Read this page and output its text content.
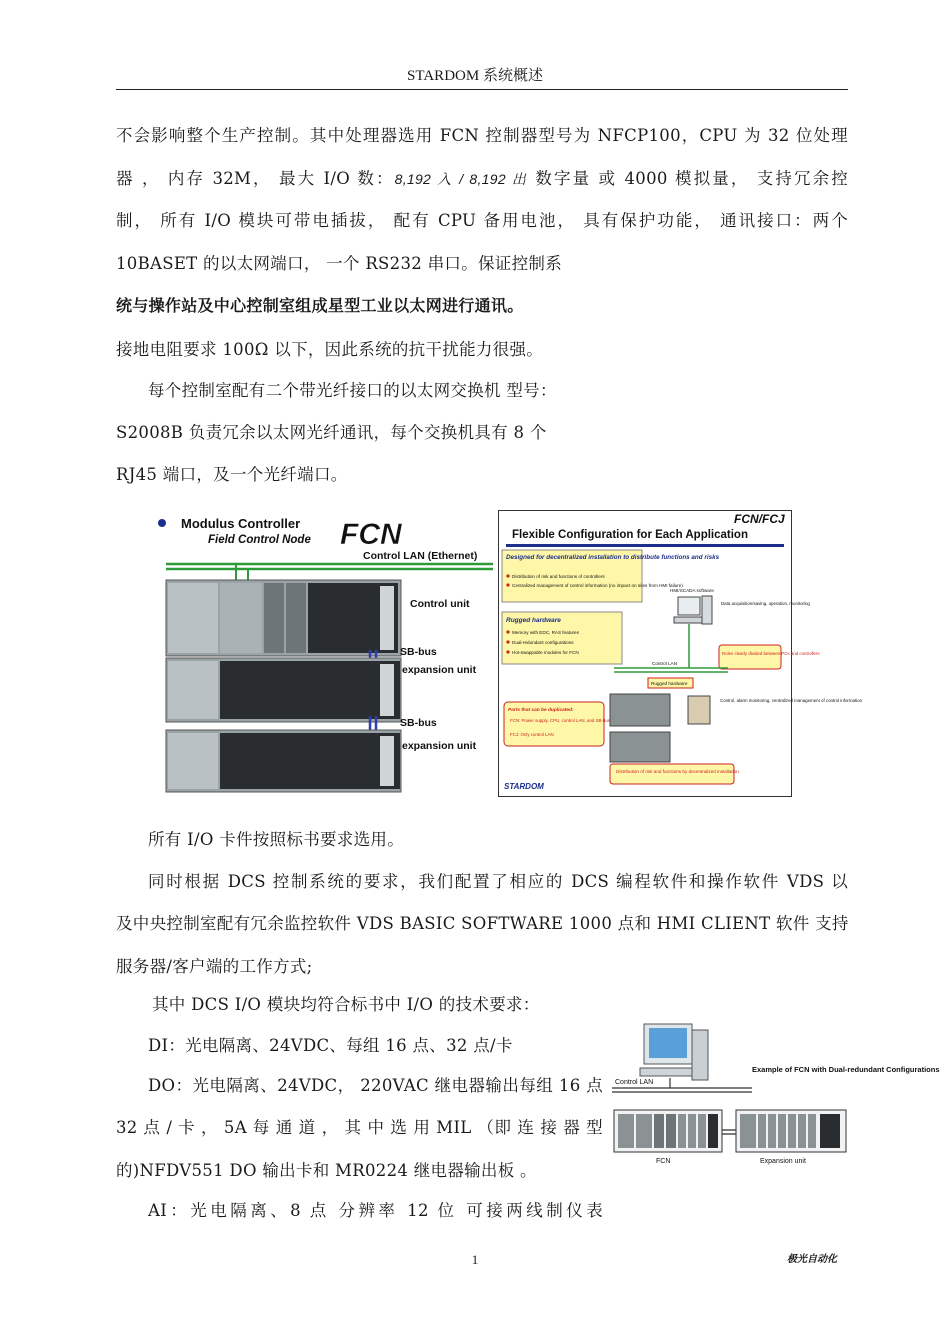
STARDOM 系统概述
不会影响整个生产控制。其中处理器选用 FCN 控制器型号为 NFCP100，CPU 为 32 位处理
器 ， 内存 32M， 最大 I/O 数：8,192 入 / 8,192 出 数字量 或 4000 模拟量， 支持冗余控
制， 所有 I/O 模块可带电插拔， 配有 CPU 备用电池， 具有保护功能， 通讯接口：两个
10BASET 的以太网端口， 一个 RS232 串口。保证控制系
统与操作站及中心控制室组成星型工业以太网进行通讯。
接地电阻要求 100Ω 以下，因此系统的抗干扰能力很强。
每个控制室配有二个带光纤接口的以太网交换机 型号：
S2008B 负责冗余以太网光纤通讯，每个交换机具有 8 个
RJ45 端口，及一个光纤端口。
所有 I/O 卡件按照标书要求选用。
同时根据 DCS 控制系统的要求，我们配置了相应的 DCS 编程软件和操作软件 VDS 以
及中央控制室配有冗余监控软件 VDS BASIC SOFTWARE 1000 点和 HMI CLIENT 软件 支持
服务器/客户端的工作方式;
其中 DCS I/O 模块均符合标书中 I/O 的技术要求：
DI：光电隔离、24VDC、每组 16 点、32 点/卡
DO：光电隔离、24VDC， 220VAC 继电器输出每组 16 点
32 点 / 卡 ， 5A 每 通 道 ， 其 中 选 用 MIL （即 连 接 器 型
的)NFDV551 DO 输出卡和 MR0224 继电器输出板 。
AI：光电隔离、8 点 分辨率 12 位 可接两线制仪表
Modulus Controller
Field Control Node FCN
Control LAN (Ethernet)
Control unit
SB-bus
expansion unit
SB-bus
expansion unit
FCN/FCJ
Flexible Configuration for Each Application
Designed for decentralized installation to distribute functions and risks
Distribution of risk and functions of controllers
Centralized management of control information (no impact on sites from HMI failure)
Rugged hardware
Memory with EDC, RAS features
Dual-redundant configurations
Hot-swappable modules for FCN
HMI/SCADA software
Data acquisition/saving, operation, monitoring
Roles clearly divided between PCs and controllers
Control LAN
Rugged hardware
Control, alarm monitoring, centralized management of control information
Parts that can be duplicated:
FCN: Power supply, CPU, control LAN, and SB-bus
FCJ: Only control LAN
Distribution of risk and functions by decentralized installation
STARDOM
Example of FCN with Dual-redundant Configurations
Control LAN
FCN	Expansion unit
1	极光自动化
